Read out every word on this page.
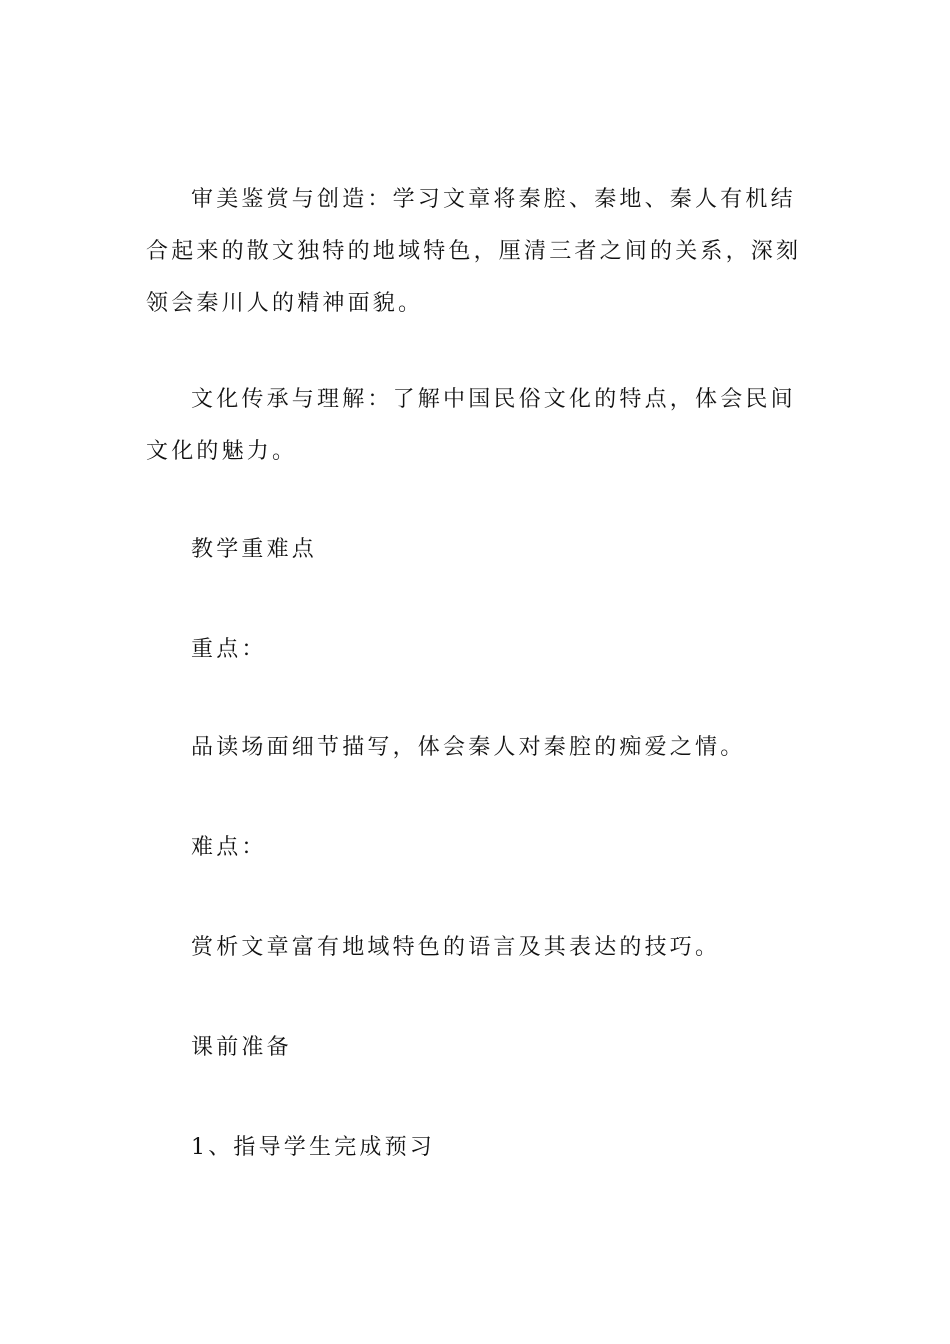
审美鉴赏与创造：学习文章将秦腔、秦地、秦人有机结合起来的散文独特的地域特色，厘清三者之间的关系，深刻领会秦川人的精神面貌。

文化传承与理解：了解中国民俗文化的特点，体会民间文化的魅力。

教学重难点

重点：

品读场面细节描写，体会秦人对秦腔的痴爱之情。

难点：

赏析文章富有地域特色的语言及其表达的技巧。

课前准备

1、指导学生完成预习
